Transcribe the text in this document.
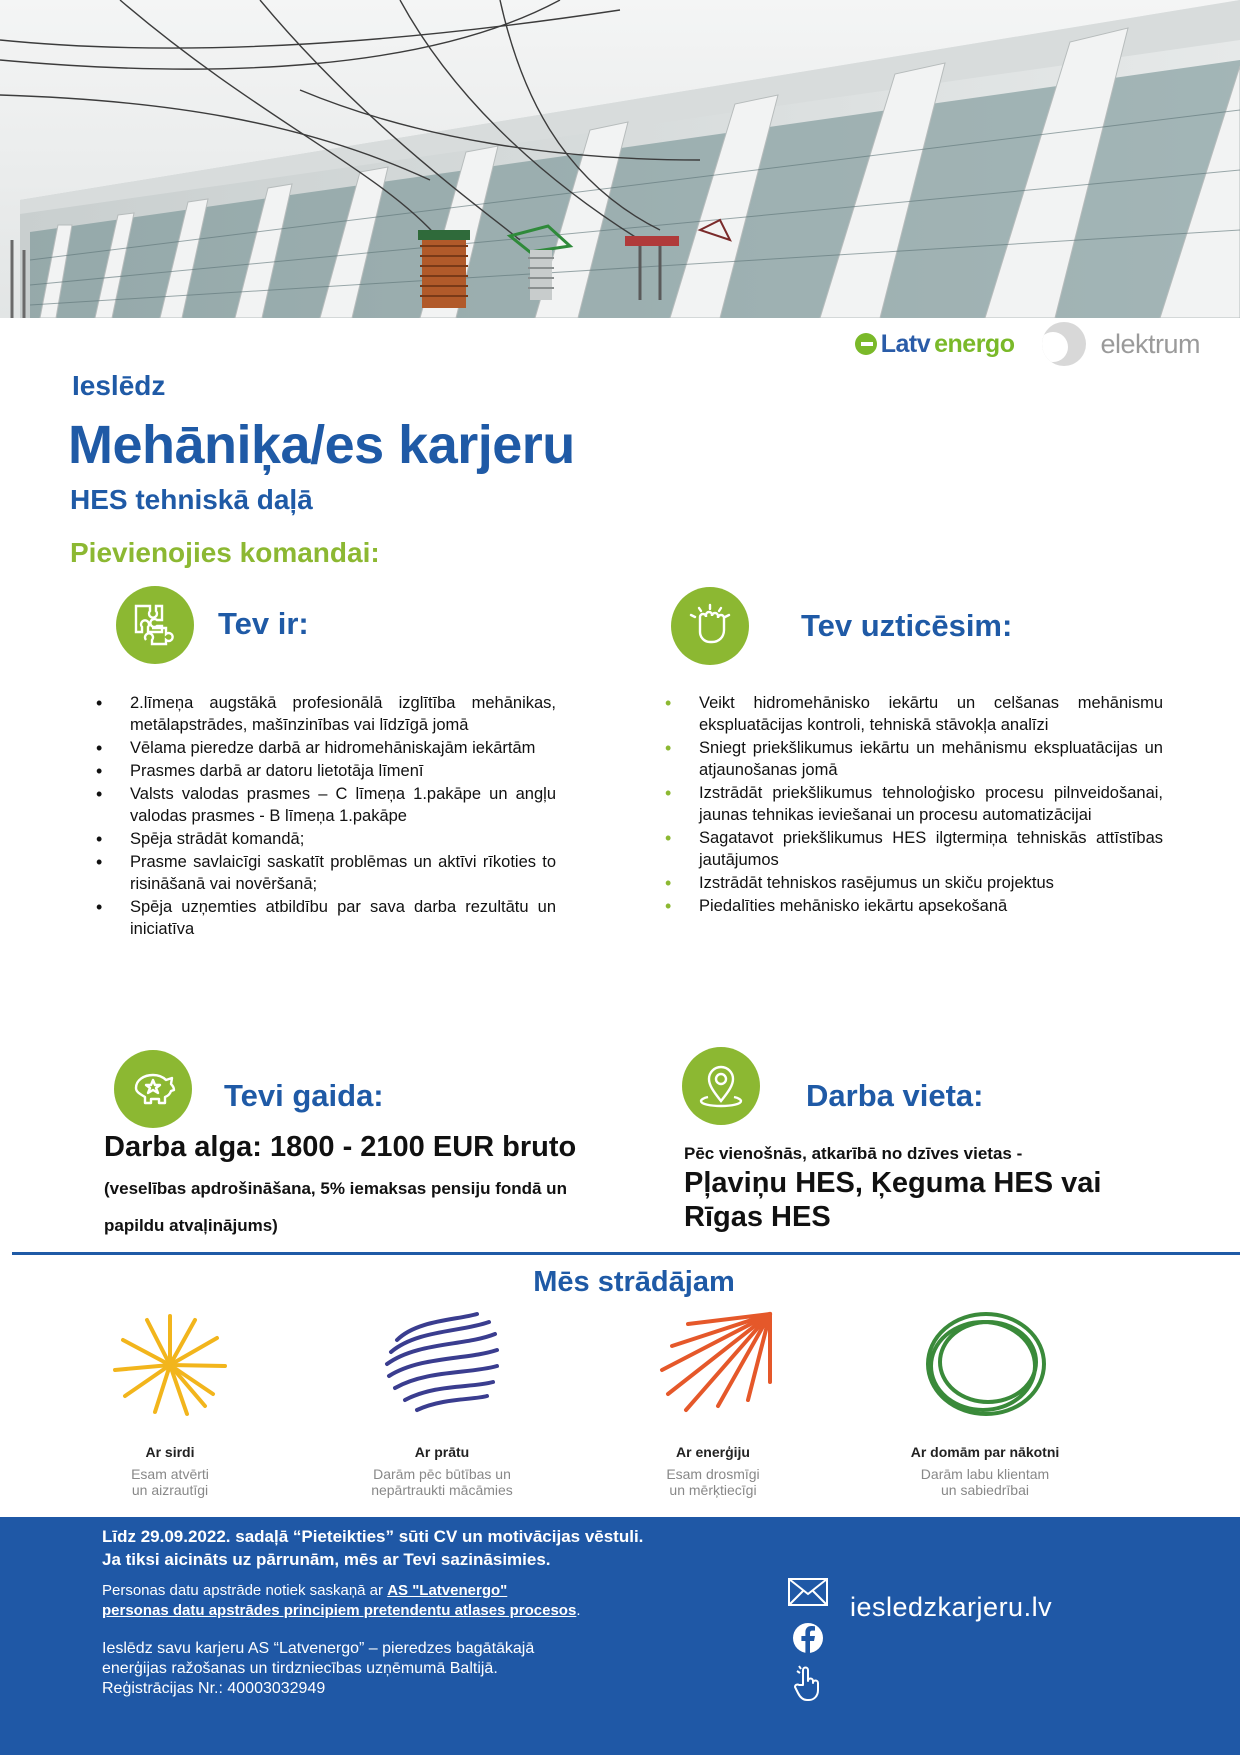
Latv energo	elektrum
Ieslēdz
Mehāniķa/es karjeru
HES tehniskā daļā
Pievienojies komandai:
Tev ir:
• 2.līmeņa augstākā profesionālā izglītība mehānikas, metālapstrādes, mašīnzinības vai līdzīgā jomā
• Vēlama pieredze darbā ar hidromehāniskajām iekārtām
• Prasmes darbā ar datoru lietotāja līmenī
• Valsts valodas prasmes – C līmeņa 1.pakāpe un angļu valodas prasmes - B līmeņa 1.pakāpe
• Spēja strādāt komandā;
• Prasme savlaicīgi saskatīt problēmas un aktīvi rīkoties to risināšanā vai novēršanā;
• Spēja uzņemties atbildību par sava darba rezultātu un iniciatīva
Tev uzticēsim:
• Veikt hidromehānisko iekārtu un celšanas mehānismu ekspluatācijas kontroli, tehniskā stāvokļa analīzi
• Sniegt priekšlikumus iekārtu un mehānismu ekspluatācijas un atjaunošanas jomā
• Izstrādāt priekšlikumus tehnoloģisko procesu pilnveidošanai, jaunas tehnikas ieviešanai un procesu automatizācijai
• Sagatavot priekšlikumus HES ilgtermiņa tehniskās attīstības jautājumos
• Izstrādāt tehniskos rasējumus un skiču projektus
• Piedalīties mehānisko iekārtu apsekošanā
Tevi gaida:
Darba alga: 1800 - 2100 EUR bruto
(veselības apdrošināšana, 5% iemaksas pensiju fondā un papildu atvaļinājums)
Darba vieta:
Pēc vienošnās, atkarībā no dzīves vietas -
Pļaviņu HES, Ķeguma HES vai Rīgas HES
Mēs strādājam
Ar sirdi
Esam atvērti
un aizrautīgi
Ar prātu
Darām pēc būtības un
nepārtraukti mācāmies
Ar enerģiju
Esam drosmīgi
un mērķtiecīgi
Ar domām par nākotni
Darām labu klientam
un sabiedrībai
Līdz 29.09.2022. sadaļā “Pieteikties” sūti CV un motivācijas vēstuli.
Ja tiksi aicināts uz pārrunām, mēs ar Tevi sazināsimies.
Personas datu apstrāde notiek saskaņā ar AS "Latvenergo"
personas datu apstrādes principiem pretendentu atlases procesos.
Ieslēdz savu karjeru AS “Latvenergo” – pieredzes bagātākajā
enerģijas ražošanas un tirdzniecības uzņēmumā Baltijā.
Reģistrācijas Nr.: 40003032949
iesledzkarjeru.lv
